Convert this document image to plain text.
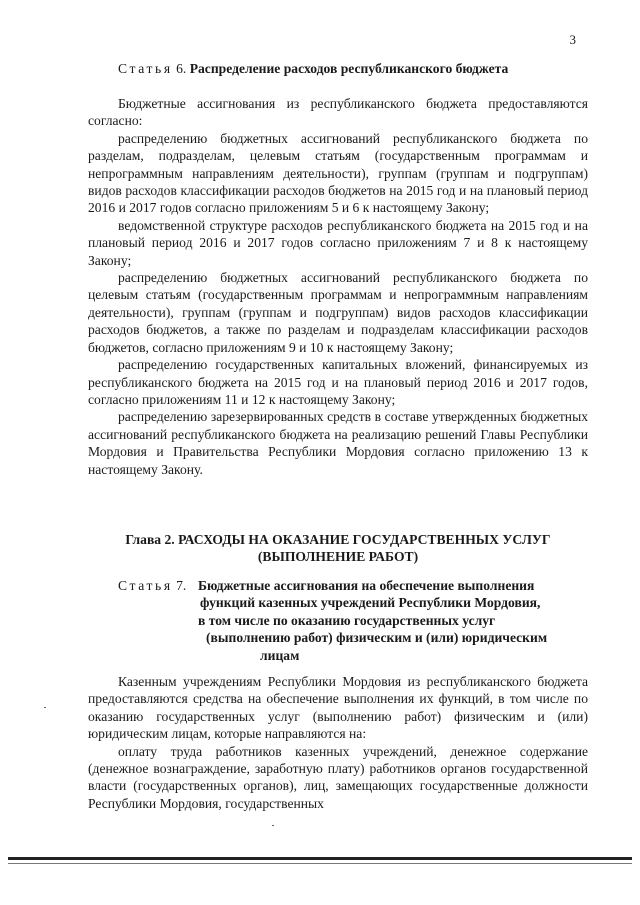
3
Статья 6. Распределение расходов республиканского бюджета

Бюджетные ассигнования из республиканского бюджета предоставляются согласно:

распределению бюджетных ассигнований республиканского бюджета по разделам, подразделам, целевым статьям (государственным программам и непрограммным направлениям деятельности), группам (группам и подгруппам) видов расходов классификации расходов бюджетов на 2015 год и на плановый период 2016 и 2017 годов согласно приложениям 5 и 6 к настоящему Закону;

ведомственной структуре расходов республиканского бюджета на 2015 год и на плановый период 2016 и 2017 годов согласно приложениям 7 и 8 к настоящему Закону;

распределению бюджетных ассигнований республиканского бюджета по целевым статьям (государственным программам и непрограммным направлениям деятельности), группам (группам и подгруппам) видов расходов классификации расходов бюджетов, а также по разделам и подразделам классификации расходов бюджетов, согласно приложениям 9 и 10 к настоящему Закону;

распределению государственных капитальных вложений, финансируемых из республиканского бюджета на 2015 год и на плановый период 2016 и 2017 годов, согласно приложениям 11 и 12 к настоящему Закону;

распределению зарезервированных средств в составе утвержденных бюджетных ассигнований республиканского бюджета на реализацию решений Главы Республики Мордовия и Правительства Республики Мордовия согласно приложению 13 к настоящему Закону.

Глава 2. РАСХОДЫ НА ОКАЗАНИЕ ГОСУДАРСТВЕННЫХ УСЛУГ
(ВЫПОЛНЕНИЕ РАБОТ)
Статья 7. Бюджетные ассигнования на обеспечение выполнения
функций казенных учреждений Республики Мордовия,
в том числе по оказанию государственных услуг
(выполнению работ) физическим и (или) юридическим
лицам

Казенным учреждениям Республики Мордовия из республиканского бюджета предоставляются средства на обеспечение выполнения их функций, в том числе по оказанию государственных услуг (выполнению работ) физическим и (или) юридическим лицам, которые направляются на:

оплату труда работников казенных учреждений, денежное содержание (денежное вознаграждение, заработную плату) работников органов государственной власти (государственных органов), лиц, замещающих государственные должности Республики Мордовия, государственных
